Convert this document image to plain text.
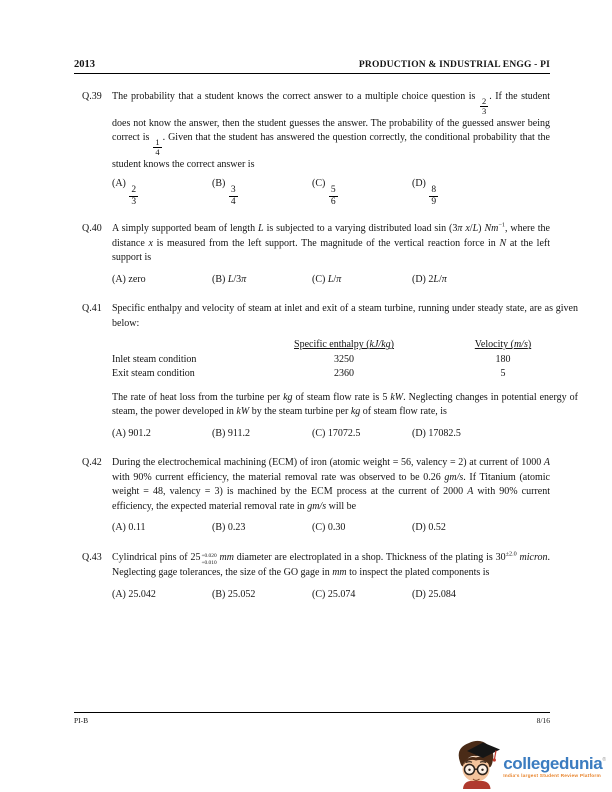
2013	PRODUCTION & INDUSTRIAL ENGG - PI
Q.39	The probability that a student knows the correct answer to a multiple choice question is
$\frac{2}{3}$
. If the student does not know the answer, then the student guesses the answer. The probability of the guessed answer being correct is
$\frac{1}{4}$
. Given that the student has answered the question correctly, the conditional probability that the student knows the correct answer is
(A)
$\frac{2}{3}$
(B)
$\frac{3}{4}$
(C)
$\frac{5}{6}$
(D)
$\frac{8}{9}$
Q.40	A simply supported beam of length L is subjected to a varying distributed load sin (3π x/L) $Nm^{-1}$, where the distance x is measured from the left support. The magnitude of the vertical reaction force in N at the left support is
(A) zero	(B) L/3π	(C) L/π	(D) 2L/π
Q.41	Specific enthalpy and velocity of steam at inlet and exit of a steam turbine, running under steady state, are as given below:
Specific enthalpy (kJ/kg)	Velocity (m/s)
Inlet steam condition	3250	180
Exit steam condition	2360	5
The rate of heat loss from the turbine per kg of steam flow rate is 5 kW. Neglecting changes in potential energy of steam, the power developed in kW by the steam turbine per kg of steam flow rate, is
(A) 901.2	(B) 911.2	(C) 17072.5	(D) 17082.5
Q.42	During the electrochemical machining (ECM) of iron (atomic weight = 56, valency = 2) at current of 1000 A with 90% current efficiency, the material removal rate was observed to be 0.26 gm/s. If Titanium (atomic weight = 48, valency = 3) is machined by the ECM process at the current of 2000 A with 90% current efficiency, the expected material removal rate in gm/s will be
(A) 0.11	(B) 0.23	(C) 0.30	(D) 0.52
Q.43	Cylindrical pins of 25 +0.020
+0.010 mm diameter are electroplated in a shop. Thickness of the plating is $30^{\pm 2.0}$ micron. Neglecting gage tolerances, the size of the GO gage in mm to inspect the plated components is
(A) 25.042	(B) 25.052	(C) 25.074	(D) 25.084
PI-B	8/16
collegedunia ®
India's largest Student Review Platform
